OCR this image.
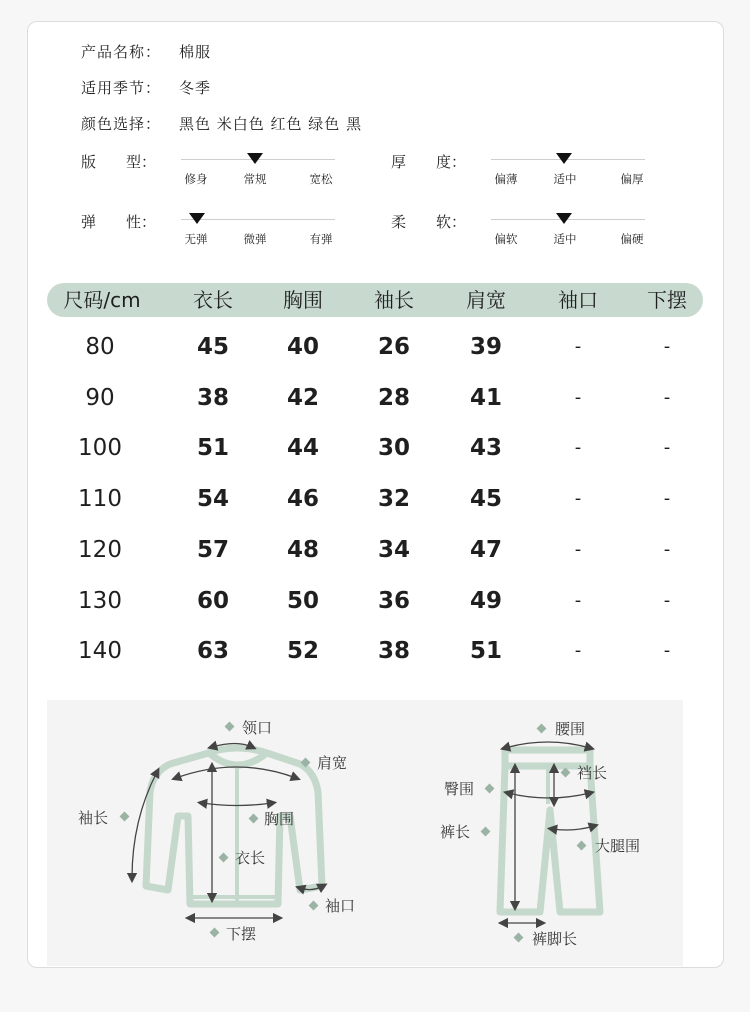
产品名称： 棉服
适用季节： 冬季
颜色选择： 黑色 米白色 红色 绿色 黑
版　　型：
修身	常规	宽松
厚　　度：
偏薄	适中	偏厚
弹　　性：
无弹	微弹	有弹
柔　　软：
偏软	适中	偏硬
尺码/cm	衣长	胸围	袖长	肩宽	袖口	下摆
80	45	40	26	39	-	-
90	38	42	28	41	-	-
100	51	44	30	43	-	-
110	54	46	32	45	-	-
120	57	48	34	47	-	-
130	60	50	36	49	-	-
140	63	52	38	51	-	-
领口
肩宽
袖长	胸围
衣长
袖口
下摆
腰围
裆长
臀围
裤长
大腿围
裤脚长
